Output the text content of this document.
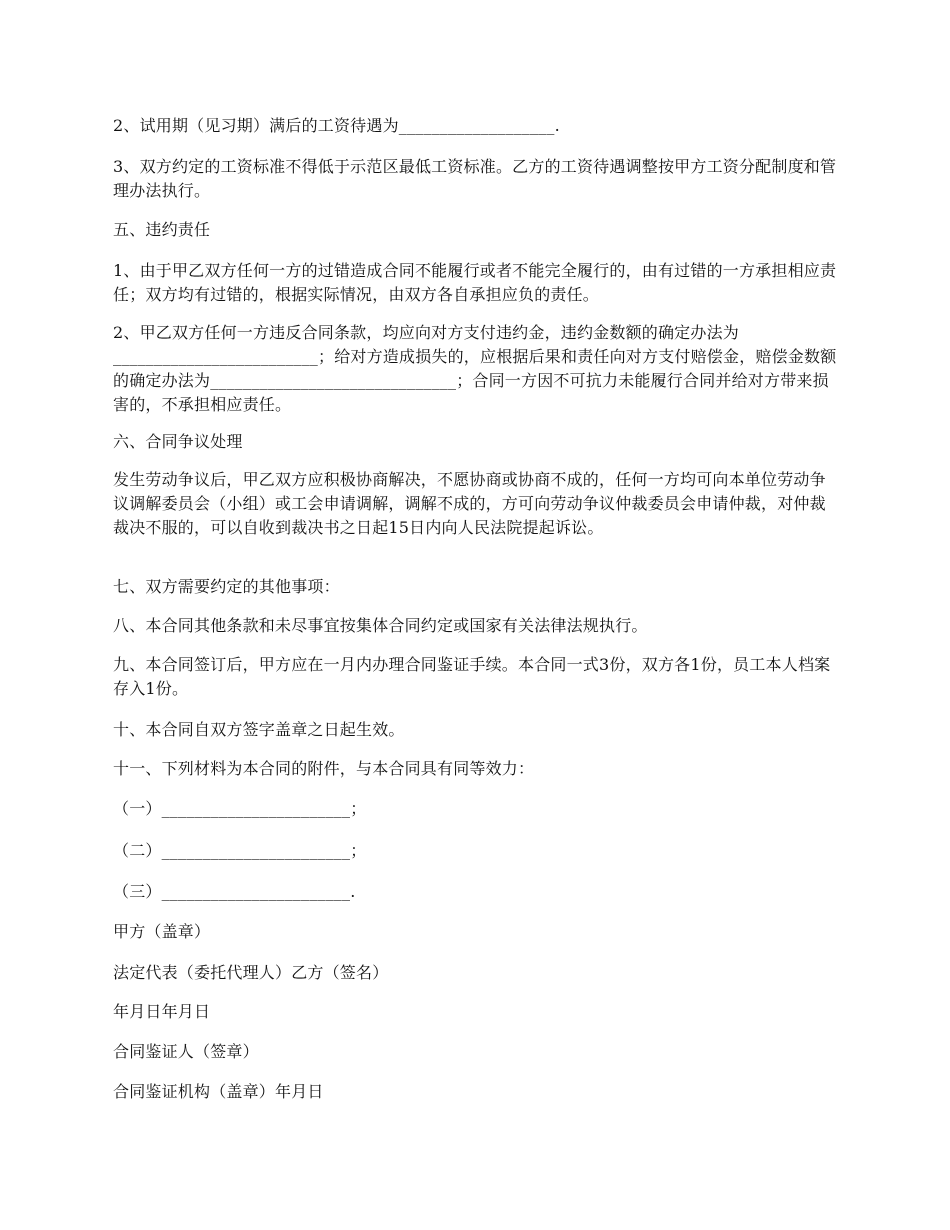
2、试用期（见习期）满后的工资待遇为___________________.

3、双方约定的工资标准不得低于示范区最低工资标准。乙方的工资待遇调整按甲方工资分配制度和管理办法执行。

五、违约责任

1、由于甲乙双方任何一方的过错造成合同不能履行或者不能完全履行的，由有过错的一方承担相应责任；双方均有过错的，根据实际情况，由双方各自承担应负的责任。

2、甲乙双方任何一方违反合同条款，均应向对方支付违约金，违约金数额的确定办法为_________________________；给对方造成损失的，应根据后果和责任向对方支付赔偿金，赔偿金数额的确定办法为______________________________；合同一方因不可抗力未能履行合同并给对方带来损害的，不承担相应责任。

六、合同争议处理

发生劳动争议后，甲乙双方应积极协商解决，不愿协商或协商不成的，任何一方均可向本单位劳动争议调解委员会（小组）或工会申请调解，调解不成的，方可向劳动争议仲裁委员会申请仲裁，对仲裁裁决不服的，可以自收到裁决书之日起15日内向人民法院提起诉讼。

七、双方需要约定的其他事项：

八、本合同其他条款和未尽事宜按集体合同约定或国家有关法律法规执行。

九、本合同签订后，甲方应在一月内办理合同鉴证手续。本合同一式3份，双方各1份，员工本人档案存入1份。

十、本合同自双方签字盖章之日起生效。

十一、下列材料为本合同的附件，与本合同具有同等效力：

（一）_______________________；

（二）_______________________；

（三）_______________________.

甲方（盖章）

法定代表（委托代理人）乙方（签名）

年月日年月日

合同鉴证人（签章）

合同鉴证机构（盖章）年月日
